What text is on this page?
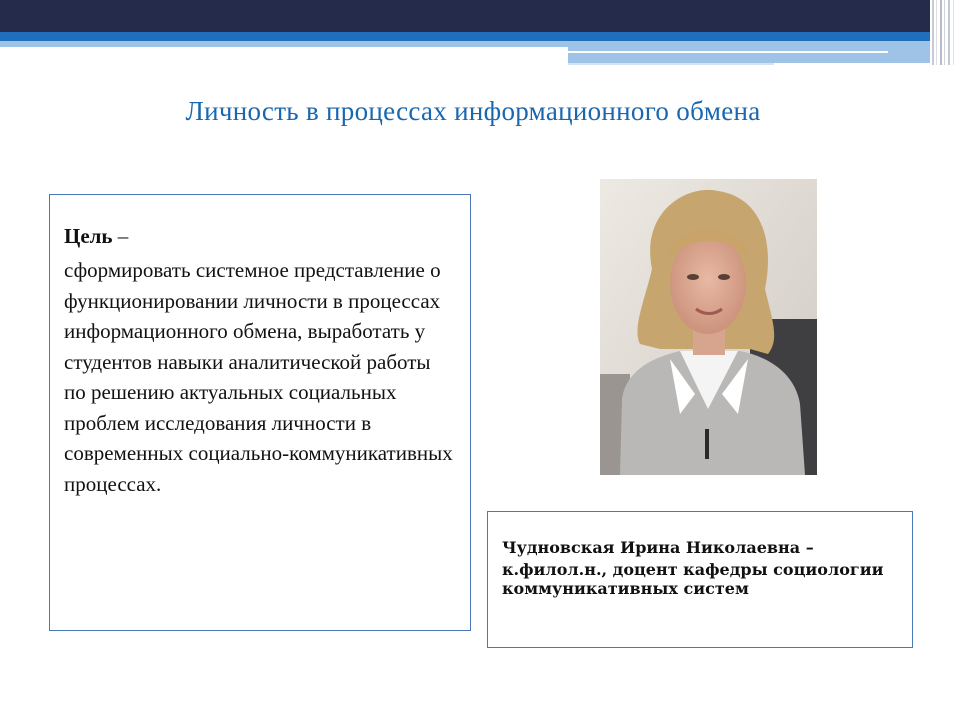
Личность в процессах информационного обмена
Цель –
сформировать системное представление о функционировании личности в процессах информационного обмена, выработать у студентов навыки аналитической работы по решению актуальных социальных проблем исследования личности в современных социально-коммуникативных процессах.
Чудновская Ирина Николаевна –
к.филол.н., доцент кафедры социологии коммуникативных систем
